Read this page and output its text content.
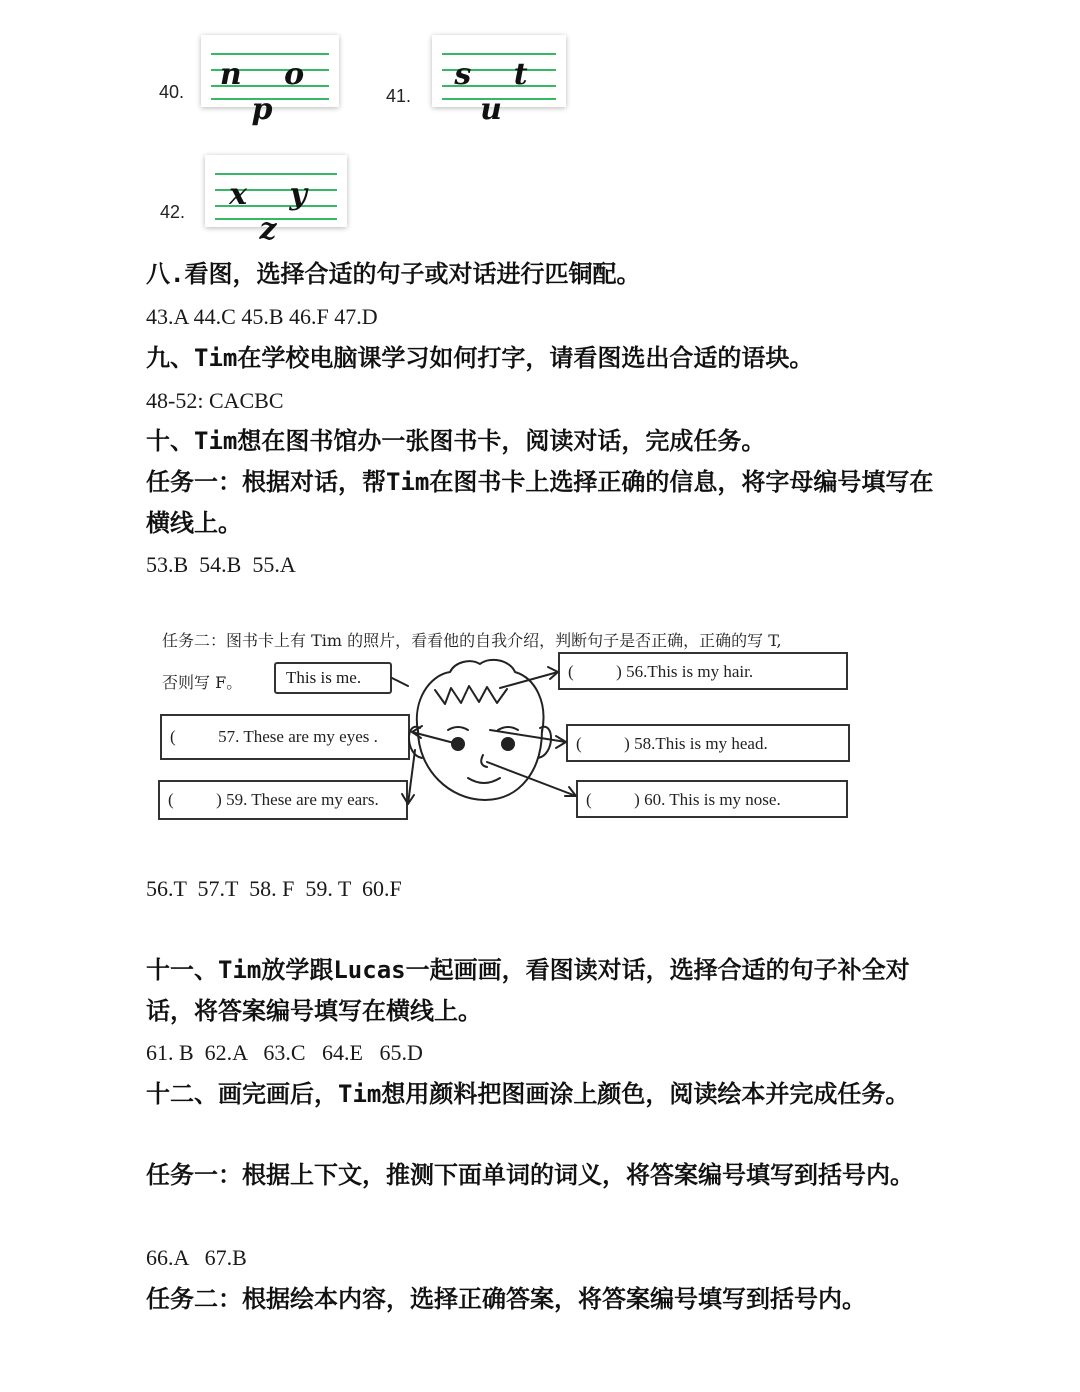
40.	n o p	41.
s t u
42.	x y z
八.看图，选择合适的句子或对话进行匹铜配。
43.A 44.C 45.B 46.F 47.D
九、Tim在学校电脑课学习如何打字，请看图选出合适的语块。
48-52: CACBC
十、Tim想在图书馆办一张图书卡，阅读对话，完成任务。
任务一：根据对话，帮Tim在图书卡上选择正确的信息，将字母编号填写在横线上。
53.B  54.B  55.A
任务二：图书卡上有 Tim 的照片，看看他的自我介绍，判断句子是否正确，正确的写 T,
否则写 F。	This is me.	(          ) 56.This is my hair.
(          57. These are my eyes .	(          ) 58.This is my head.
(          ) 59. These are my ears.	(          ) 60. This is my nose.
56.T  57.T  58. F  59. T  60.F
十一、Tim放学跟Lucas一起画画，看图读对话，选择合适的句子补全对话，将答案编号填写在横线上。
61. B  62.A   63.C   64.E   65.D
十二、画完画后，Tim想用颜料把图画涂上颜色，阅读绘本并完成任务。
任务一：根据上下文，推测下面单词的词义，将答案编号填写到括号内。
66.A   67.B
任务二：根据绘本内容，选择正确答案，将答案编号填写到括号内。
